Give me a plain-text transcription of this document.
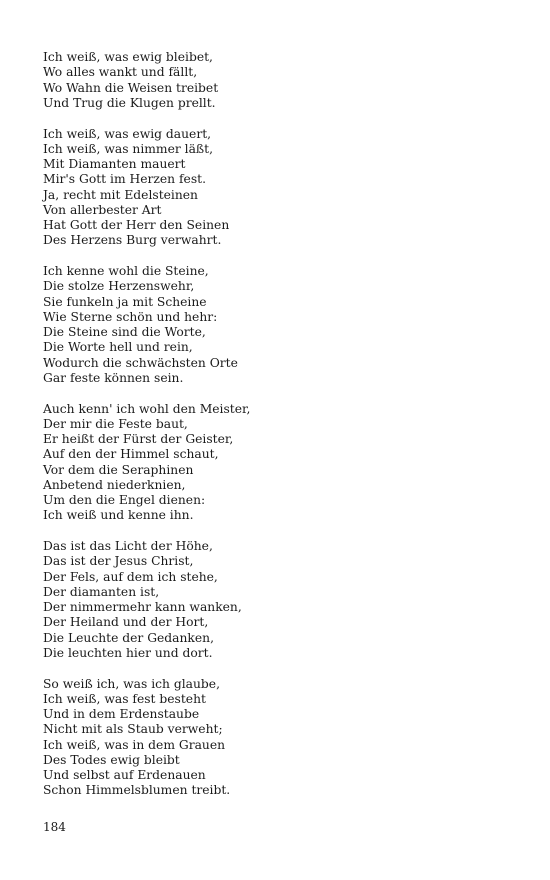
Ich weiß, was ewig bleibet,
Wo alles wankt und fällt,
Wo Wahn die Weisen treibet
Und Trug die Klugen prellt.
Ich weiß, was ewig dauert,
Ich weiß, was nimmer läßt,
Mit Diamanten mauert
Mir's Gott im Herzen fest.
Ja, recht mit Edelsteinen
Von allerbester Art
Hat Gott der Herr den Seinen
Des Herzens Burg verwahrt.
Ich kenne wohl die Steine,
Die stolze Herzenswehr,
Sie funkeln ja mit Scheine
Wie Sterne schön und hehr:
Die Steine sind die Worte,
Die Worte hell und rein,
Wodurch die schwächsten Orte
Gar feste können sein.
Auch kenn' ich wohl den Meister,
Der mir die Feste baut,
Er heißt der Fürst der Geister,
Auf den der Himmel schaut,
Vor dem die Seraphinen
Anbetend niederknien,
Um den die Engel dienen:
Ich weiß und kenne ihn.
Das ist das Licht der Höhe,
Das ist der Jesus Christ,
Der Fels, auf dem ich stehe,
Der diamanten ist,
Der nimmermehr kann wanken,
Der Heiland und der Hort,
Die Leuchte der Gedanken,
Die leuchten hier und dort.
So weiß ich, was ich glaube,
Ich weiß, was fest besteht
Und in dem Erdenstaube
Nicht mit als Staub verweht;
Ich weiß, was in dem Grauen
Des Todes ewig bleibt
Und selbst auf Erdenauen
Schon Himmelsblumen treibt.
184
